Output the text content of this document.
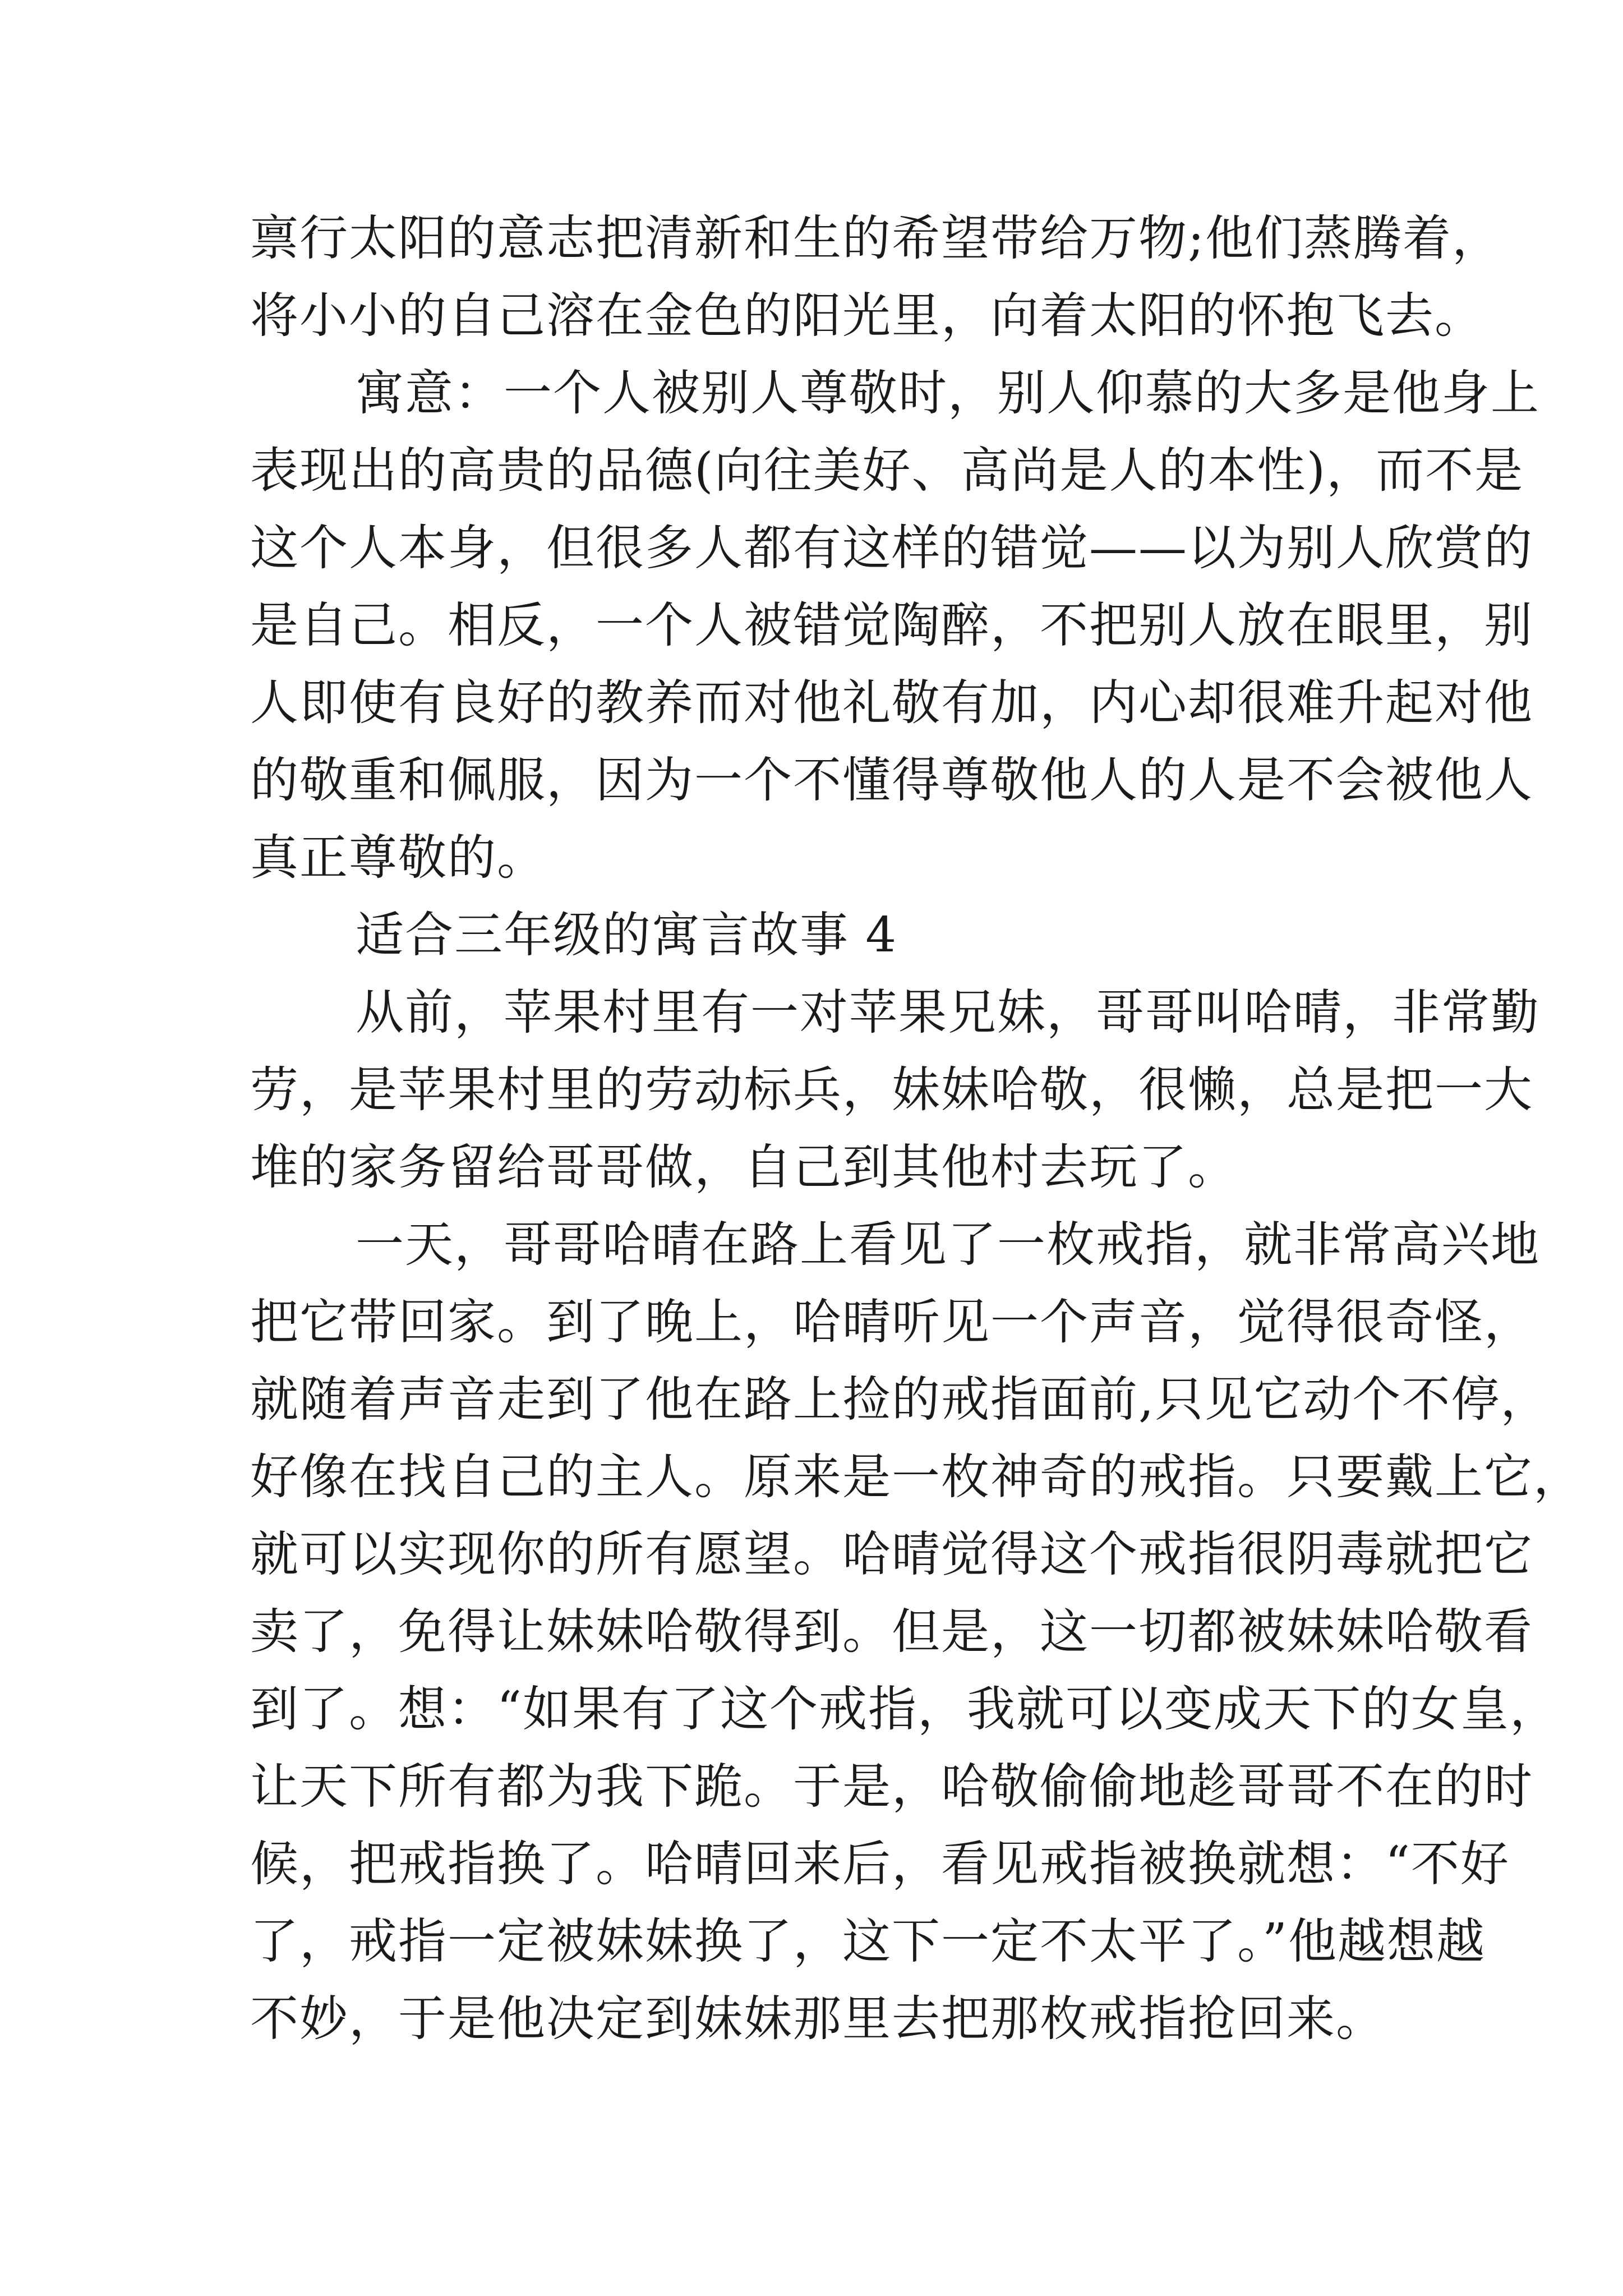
禀行太阳的意志把清新和生的希望带给万物;他们蒸腾着，
将小小的自己溶在金色的阳光里，向着太阳的怀抱飞去。
寓意：一个人被别人尊敬时，别人仰慕的大多是他身上
表现出的高贵的品德(向往美好、高尚是人的本性)，而不是
这个人本身，但很多人都有这样的错觉——以为别人欣赏的
是自己。相反，一个人被错觉陶醉，不把别人放在眼里，别
人即使有良好的教养而对他礼敬有加，内心却很难升起对他
的敬重和佩服，因为一个不懂得尊敬他人的人是不会被他人
真正尊敬的。
适合三年级的寓言故事 4
从前，苹果村里有一对苹果兄妹，哥哥叫哈晴，非常勤
劳，是苹果村里的劳动标兵，妹妹哈敬，很懒，总是把一大
堆的家务留给哥哥做，自己到其他村去玩了。
一天，哥哥哈晴在路上看见了一枚戒指，就非常高兴地
把它带回家。到了晚上，哈晴听见一个声音，觉得很奇怪，
就随着声音走到了他在路上捡的戒指面前,只见它动个不停，
好像在找自己的主人。原来是一枚神奇的戒指。只要戴上它，
就可以实现你的所有愿望。哈晴觉得这个戒指很阴毒就把它
卖了，免得让妹妹哈敬得到。但是，这一切都被妹妹哈敬看
到了。想：“如果有了这个戒指，我就可以变成天下的女皇，
让天下所有都为我下跪。于是，哈敬偷偷地趁哥哥不在的时
候，把戒指换了。哈晴回来后，看见戒指被换就想：“不好
了，戒指一定被妹妹换了，这下一定不太平了。”他越想越
不妙，于是他决定到妹妹那里去把那枚戒指抢回来。
